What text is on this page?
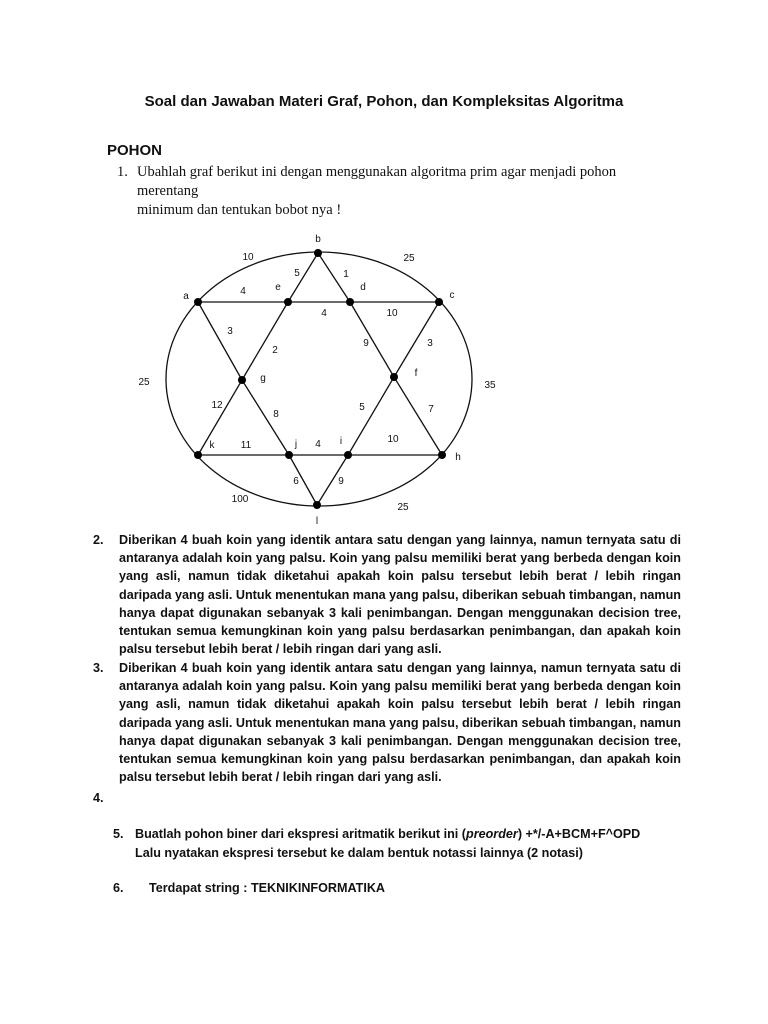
Soal dan Jawaban Materi Graf, Pohon, dan Kompleksitas Algoritma
POHON
1. Ubahlah graf berikut ini dengan menggunakan algoritma prim agar menjadi pohon merentang
minimum dan tentukan bobot nya !
4
4	10
5	1
3
2
9	3
12
8
5	7
11	4	10
6	9
10	25
25	35
100
25
a
b
c
d
e
f
g
h
i
j
k
l
2. Diberikan 4 buah koin yang identik antara satu dengan yang lainnya, namun ternyata satu di antaranya adalah koin yang palsu. Koin yang palsu memiliki berat yang berbeda dengan koin yang asli, namun tidak diketahui apakah koin palsu tersebut lebih berat / lebih ringan daripada yang asli. Untuk menentukan mana yang palsu, diberikan sebuah timbangan, namun hanya dapat digunakan sebanyak 3 kali penimbangan. Dengan menggunakan decision tree, tentukan semua kemungkinan koin yang palsu berdasarkan penimbangan, dan apakah koin palsu tersebut lebih berat / lebih ringan dari yang asli.
3. Diberikan 4 buah koin yang identik antara satu dengan yang lainnya, namun ternyata satu di antaranya adalah koin yang palsu. Koin yang palsu memiliki berat yang berbeda dengan koin yang asli, namun tidak diketahui apakah koin palsu tersebut lebih berat / lebih ringan daripada yang asli. Untuk menentukan mana yang palsu, diberikan sebuah timbangan, namun hanya dapat digunakan sebanyak 3 kali penimbangan. Dengan menggunakan decision tree, tentukan semua kemungkinan koin yang palsu berdasarkan penimbangan, dan apakah koin palsu tersebut lebih berat / lebih ringan dari yang asli.
4.
5. Buatlah pohon biner dari ekspresi aritmatik berikut ini (preorder) +*/-A+BCM+F^OPD
Lalu nyatakan ekspresi tersebut ke dalam bentuk notassi lainnya (2 notasi)
6. Terdapat string : TEKNIKINFORMATIKA
